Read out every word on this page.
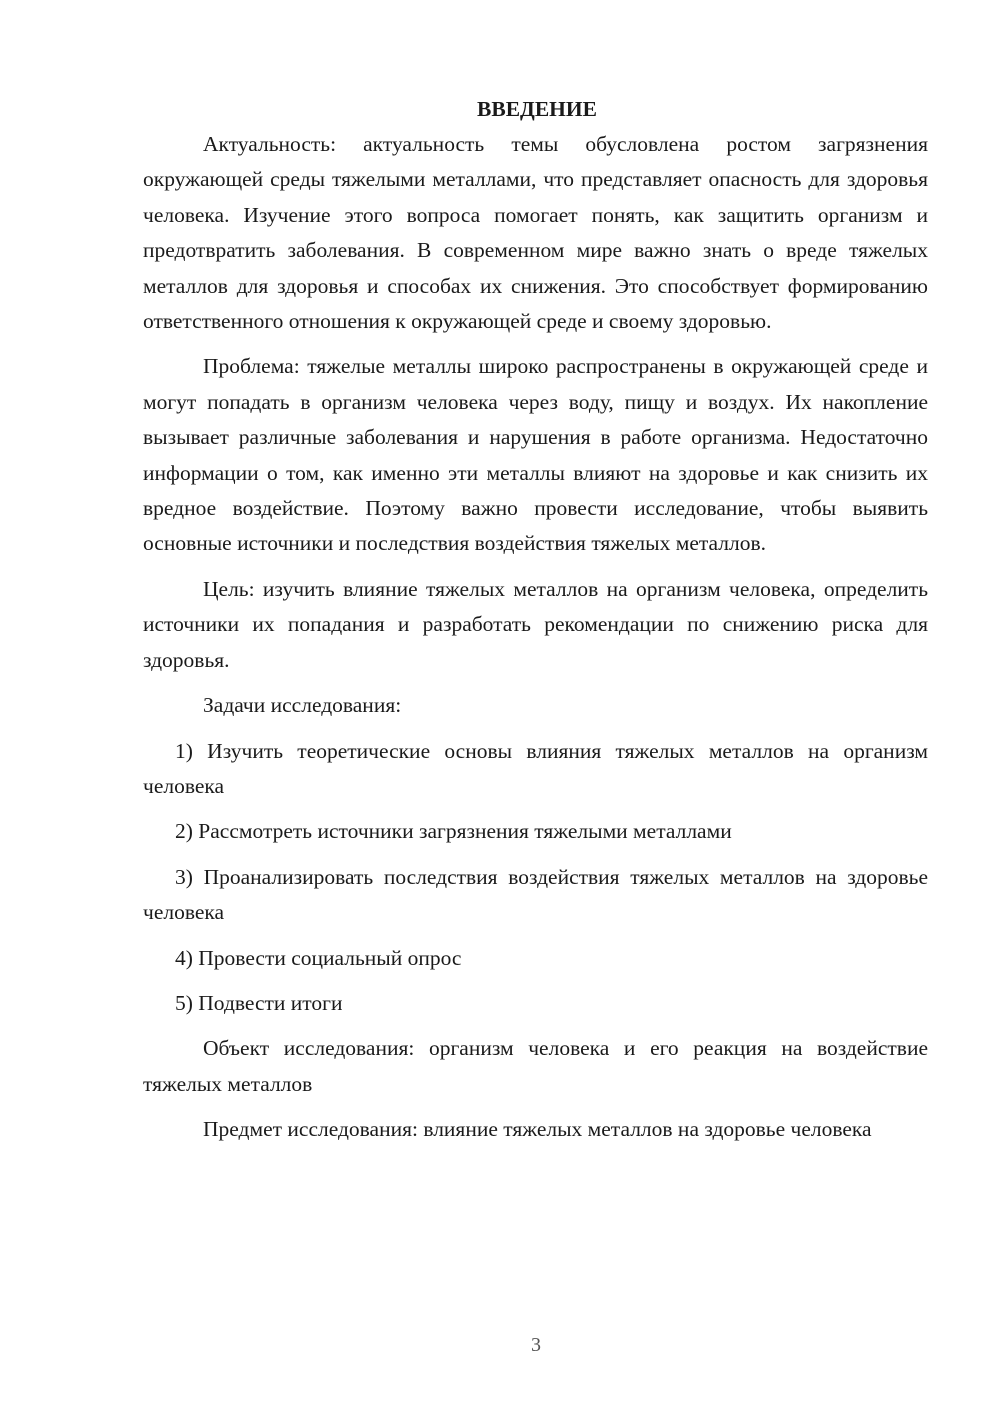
ВВЕДЕНИЕ

Актуальность: актуальность темы обусловлена ростом загрязнения окружающей среды тяжелыми металлами, что представляет опасность для здоровья человека. Изучение этого вопроса помогает понять, как защитить организм и предотвратить заболевания. В современном мире важно знать о вреде тяжелых металлов для здоровья и способах их снижения. Это способствует формированию ответственного отношения к окружающей среде и своему здоровью.

Проблема: тяжелые металлы широко распространены в окружающей среде и могут попадать в организм человека через воду, пищу и воздух. Их накопление вызывает различные заболевания и нарушения в работе организма. Недостаточно информации о том, как именно эти металлы влияют на здоровье и как снизить их вредное воздействие. Поэтому важно провести исследование, чтобы выявить основные источники и последствия воздействия тяжелых металлов.

Цель: изучить влияние тяжелых металлов на организм человека, определить источники их попадания и разработать рекомендации по снижению риска для здоровья.

Задачи исследования:

1) Изучить теоретические основы влияния тяжелых металлов на организм человека

2) Рассмотреть источники загрязнения тяжелыми металлами

3) Проанализировать последствия воздействия тяжелых металлов на здоровье человека

4) Провести социальный опрос

5) Подвести итоги

Объект исследования: организм человека и его реакция на воздействие тяжелых металлов

Предмет исследования: влияние тяжелых металлов на здоровье человека

3
